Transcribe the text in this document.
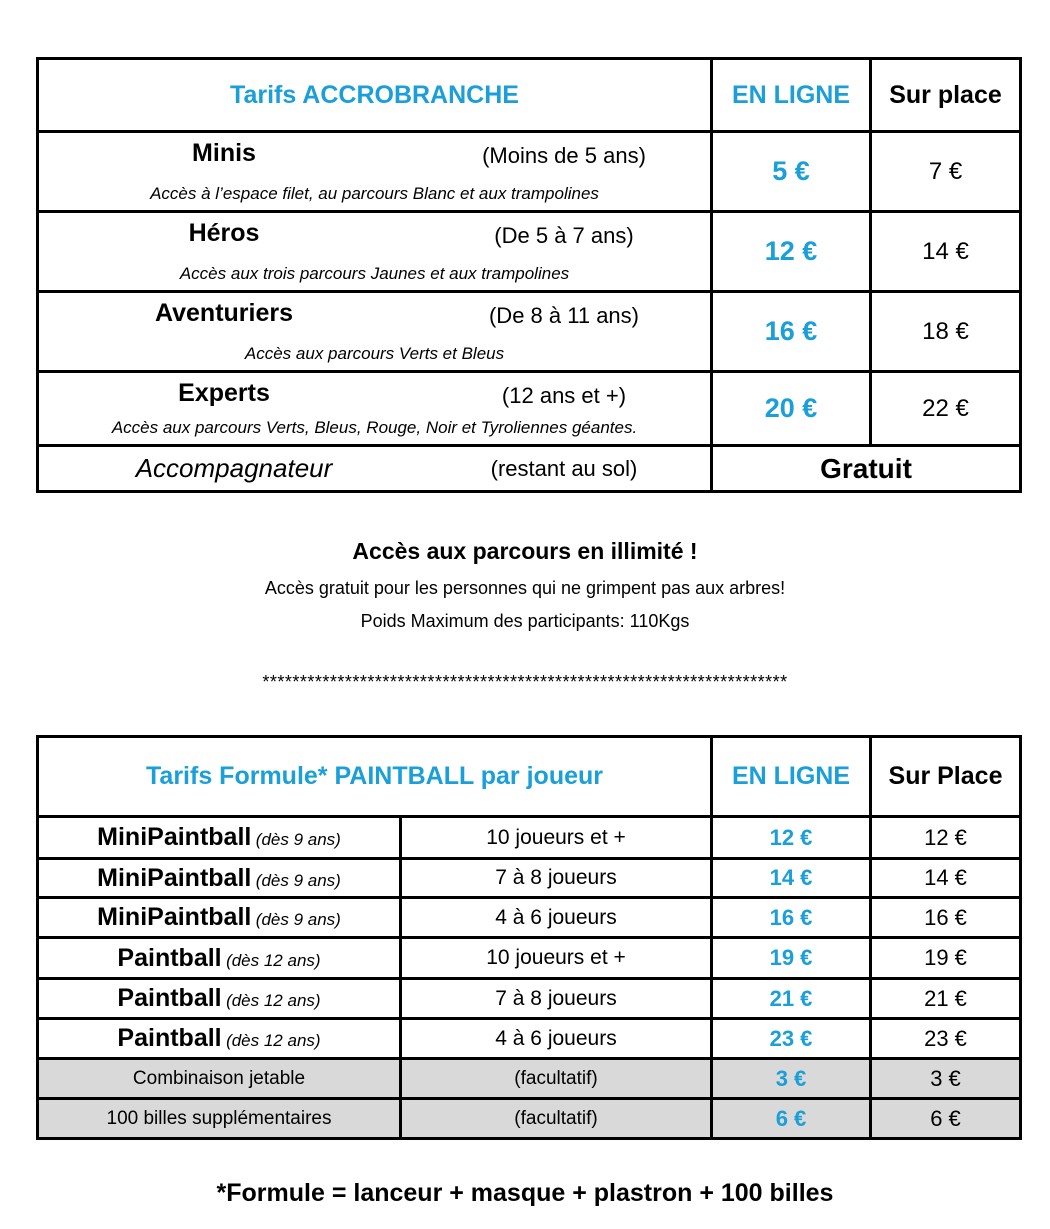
Tarifs ACCROBRANCHE	EN LIGNE	Sur place

Minis (Moins de 5 ans)
Accès à l’espace filet, au parcours Blanc et aux trampolines	5 €	7 €

Héros (De 5 à 7 ans)
Accès aux trois parcours Jaunes et aux trampolines	12 €	14 €

Aventuriers (De 8 à 11 ans)
Accès aux parcours Verts et Bleus	16 €	18 €

Experts (12 ans et +)
Accès aux parcours Verts, Bleus, Rouge, Noir et Tyroliennes géantes.	20 €	22 €

Accompagnateur (restant au sol)	Gratuit	
Accès aux parcours en illimité !
Accès gratuit pour les personnes qui ne grimpent pas aux arbres!
Poids Maximum des participants: 110Kgs
**********************************************************************
Tarifs Formule* PAINTBALL par joueur		EN LIGNE	Sur Place
MiniPaintball (dès 9 ans)	10 joueurs et +	12 €	12 €
MiniPaintball (dès 9 ans)	7 à 8 joueurs	14 €	14 €
MiniPaintball (dès 9 ans)	4 à 6 joueurs	16 €	16 €
Paintball (dès 12 ans)	10 joueurs et +	19 €	19 €
Paintball (dès 12 ans)	7 à 8 joueurs	21 €	21 €
Paintball (dès 12 ans)	4 à 6 joueurs	23 €	23 €
Combinaison jetable	(facultatif)	3 €	3 €
100 billes supplémentaires	(facultatif)	6 €	6 €
*Formule = lanceur + masque + plastron + 100 billes
